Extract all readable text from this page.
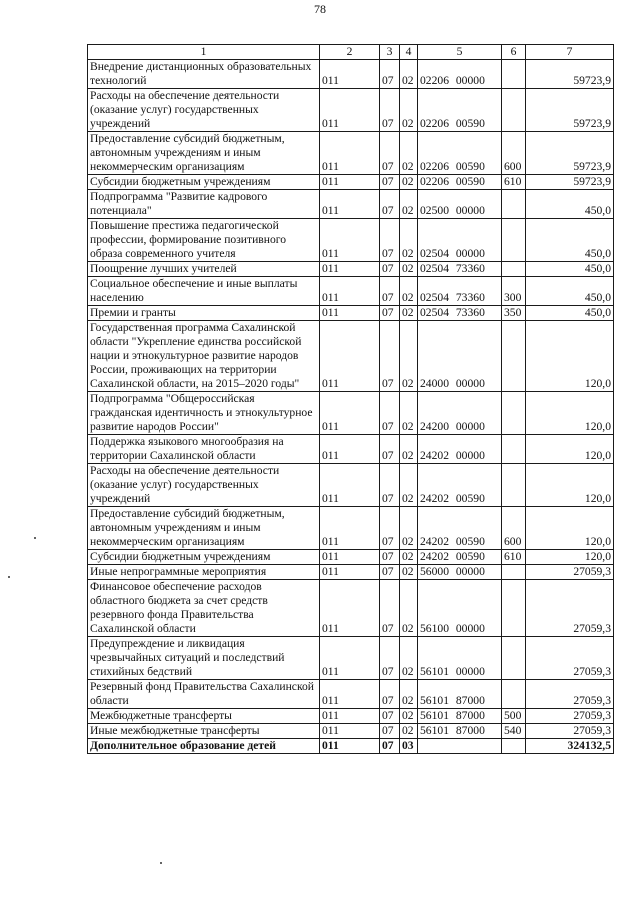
78
1	2	3	4	5	6	7
Внедрение дистанционных образовательных технологий	011	07	02	02206 00000		59723,9
Расходы на обеспечение деятельности (оказание услуг) государственных учреждений	011	07	02	02206 00590		59723,9
Предоставление субсидий бюджетным, автономным учреждениям и иным некоммерческим организациям	011	07	02	02206 00590	600	59723,9
Субсидии бюджетным учреждениям	011	07	02	02206 00590	610	59723,9
Подпрограмма "Развитие кадрового потенциала"	011	07	02	02500 00000		450,0
Повышение престижа педагогической профессии, формирование позитивного образа современного учителя	011	07	02	02504 00000		450,0
Поощрение лучших учителей	011	07	02	02504 73360		450,0
Социальное обеспечение и иные выплаты населению	011	07	02	02504 73360	300	450,0
Премии и гранты	011	07	02	02504 73360	350	450,0
Государственная программа Сахалинской области "Укрепление единства российской нации и этнокультурное развитие народов России, проживающих на территории Сахалинской области, на 2015–2020 годы"	011	07	02	24000 00000		120,0
Подпрограмма "Общероссийская гражданская идентичность и этнокультурное развитие народов России"	011	07	02	24200 00000		120,0
Поддержка языкового многообразия на территории Сахалинской области	011	07	02	24202 00000		120,0
Расходы на обеспечение деятельности (оказание услуг) государственных учреждений	011	07	02	24202 00590		120,0
Предоставление субсидий бюджетным, автономным учреждениям и иным некоммерческим организациям	011	07	02	24202 00590	600	120,0
Субсидии бюджетным учреждениям	011	07	02	24202 00590	610	120,0
Иные непрограммные мероприятия	011	07	02	56000 00000		27059,3
Финансовое обеспечение расходов областного бюджета за счет средств резервного фонда Правительства Сахалинской области	011	07	02	56100 00000		27059,3
Предупреждение и ликвидация чрезвычайных ситуаций и последствий стихийных бедствий	011	07	02	56101 00000		27059,3
Резервный фонд Правительства Сахалинской области	011	07	02	56101 87000		27059,3
Межбюджетные трансферты	011	07	02	56101 87000	500	27059,3
Иные межбюджетные трансферты	011	07	02	56101 87000	540	27059,3
Дополнительное образование детей	011	07	03			324132,5
